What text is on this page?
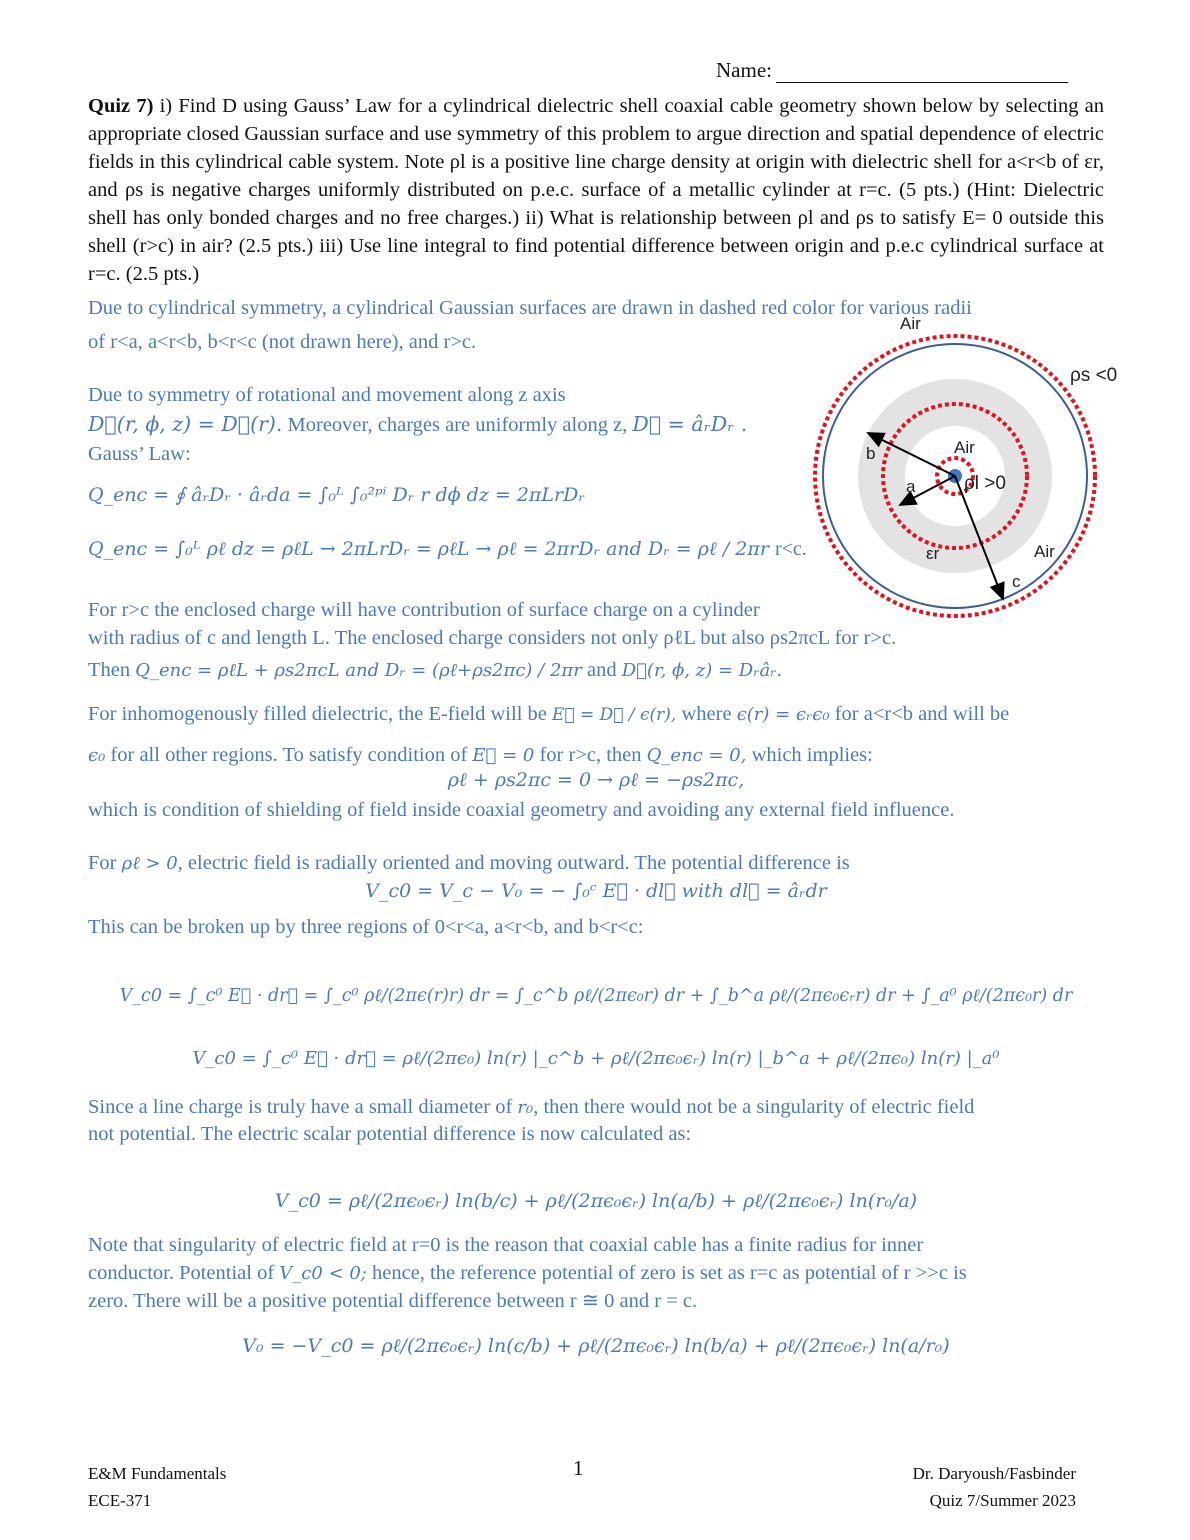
Name:
Quiz 7) i) Find D using Gauss’ Law for a cylindrical dielectric shell coaxial cable geometry shown below by selecting an appropriate closed Gaussian surface and use symmetry of this problem to argue direction and spatial dependence of electric fields in this cylindrical cable system. Note ρl is a positive line charge density at origin with dielectric shell for a<r<b of εr, and ρs is negative charges uniformly distributed on p.e.c. surface of a metallic cylinder at r=c. (5 pts.) (Hint: Dielectric shell has only bonded charges and no free charges.) ii) What is relationship between ρl and ρs to satisfy E= 0 outside this shell (r>c) in air? (2.5 pts.) iii) Use line integral to find potential difference between origin and p.e.c cylindrical surface at r=c. (2.5 pts.)
Due to cylindrical symmetry, a cylindrical Gaussian surfaces are drawn in dashed red color for various radii
of r<a, a<r<b, b<r<c (not drawn here), and r>c.
Due to symmetry of rotational and movement along z axis
D⃗(r, ϕ, z) = D⃗(r). Moreover, charges are uniformly along z, D⃗ = âᵣDᵣ .
Gauss’ Law:
Q_enc = ∮ âᵣDᵣ · âᵣda = ∫₀ᴸ ∫₀²ᵖⁱ Dᵣ r dϕ dz = 2πLrDᵣ
Q_enc = ∫₀ᴸ ρℓ dz = ρℓL → 2πLrDᵣ = ρℓL → ρℓ = 2πrDᵣ and Dᵣ = ρℓ / 2πr r<c.
For r>c the enclosed charge will have contribution of surface charge on a cylinder
with radius of c and length L. The enclosed charge considers not only ρℓL but also ρs2πcL for r>c.
Then Q_enc = ρℓL + ρs2πcL and Dᵣ = (ρℓ+ρs2πc) / 2πr and D⃗(r, ϕ, z) = Dᵣâᵣ.
For inhomogenously filled dielectric, the E-field will be E⃗ = D⃗ / ϵ(r), where ϵ(r) = ϵᵣϵ₀ for a<r<b and will be
ϵ₀ for all other regions. To satisfy condition of E⃗ = 0 for r>c, then Q_enc = 0, which implies:
ρℓ + ρs2πc = 0 → ρℓ = −ρs2πc,
which is condition of shielding of field inside coaxial geometry and avoiding any external field influence.
For ρℓ > 0, electric field is radially oriented and moving outward. The potential difference is
V_c0 = V_c − V₀ = − ∫₀ᶜ E⃗ · dl⃗ with dl⃗ = âᵣdr
This can be broken up by three regions of 0<r<a, a<r<b, and b<r<c:
V_c0 = ∫_c⁰ E⃗ · dr⃗ = ∫_c⁰ ρℓ/(2πϵ(r)r) dr = ∫_c^b ρℓ/(2πϵ₀r) dr + ∫_b^a ρℓ/(2πϵ₀ϵᵣr) dr + ∫_a⁰ ρℓ/(2πϵ₀r) dr
V_c0 = ∫_c⁰ E⃗ · dr⃗ = ρℓ/(2πϵ₀) ln(r) |_c^b + ρℓ/(2πϵ₀ϵᵣ) ln(r) |_b^a + ρℓ/(2πϵ₀) ln(r) |_a⁰
Since a line charge is truly have a small diameter of r₀, then there would not be a singularity of electric field
not potential. The electric scalar potential difference is now calculated as:
V_c0 = ρℓ/(2πϵ₀ϵᵣ) ln(b/c) + ρℓ/(2πϵ₀ϵᵣ) ln(a/b) + ρℓ/(2πϵ₀ϵᵣ) ln(r₀/a)
Note that singularity of electric field at r=0 is the reason that coaxial cable has a finite radius for inner
conductor. Potential of V_c0 < 0; hence, the reference potential of zero is set as r=c as potential of r >>c is
zero. There will be a positive potential difference between r ≅ 0 and r = c.
V₀ = −V_c0 = ρℓ/(2πϵ₀ϵᵣ) ln(c/b) + ρℓ/(2πϵ₀ϵᵣ) ln(b/a) + ρℓ/(2πϵ₀ϵᵣ) ln(a/r₀)
Air
ρs <0
Air
b
a	ρl >0
εr	Air
c
E&M Fundamentals
ECE-371
1	Dr. Daryoush/Fasbinder
Quiz 7/Summer 2023
